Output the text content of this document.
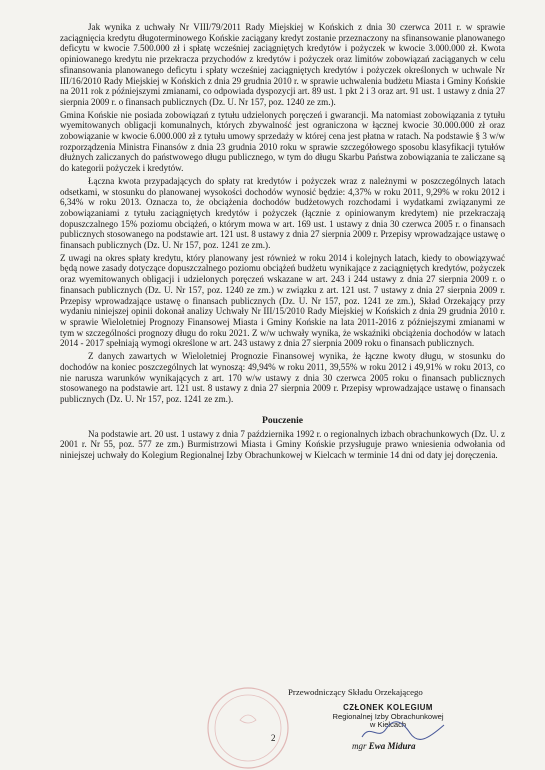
Jak wynika z uchwały Nr VIII/79/2011 Rady Miejskiej w Końskich z dnia 30 czerwca 2011 r. w sprawie zaciągnięcia kredytu długoterminowego Końskie zaciągany kredyt zostanie przeznaczony na sfinansowanie planowanego deficytu w kwocie 7.500.000 zł i spłatę wcześniej zaciągniętych kredytów i pożyczek w kwocie 3.000.000 zł. Kwota opiniowanego kredytu nie przekracza przychodów z kredytów i pożyczek oraz limitów zobowiązań zaciąganych w celu sfinansowania planowanego deficytu i spłaty wcześniej zaciągniętych kredytów i pożyczek określonych w uchwale Nr III/16/2010 Rady Miejskiej w Końskich z dnia 29 grudnia 2010 r. w sprawie uchwalenia budżetu Miasta i Gminy Końskie na 2011 rok z późniejszymi zmianami, co odpowiada dyspozycji art. 89 ust. 1 pkt 2 i 3 oraz art. 91 ust. 1 ustawy z dnia 27 sierpnia 2009 r. o finansach publicznych (Dz. U. Nr 157, poz. 1240 ze zm.).

Gmina Końskie nie posiada zobowiązań z tytułu udzielonych poręczeń i gwarancji. Ma natomiast zobowiązania z tytułu wyemitowanych obligacji komunalnych, których zbywalność jest ograniczona w łącznej kwocie 30.000.000 zł oraz zobowiązanie w kwocie 6.000.000 zł z tytułu umowy sprzedaży w której cena jest płatna w ratach. Na podstawie § 3 w/w rozporządzenia Ministra Finansów z dnia 23 grudnia 2010 roku w sprawie szczegółowego sposobu klasyfikacji tytułów dłużnych zaliczanych do państwowego długu publicznego, w tym do długu Skarbu Państwa zobowiązania te zaliczane są do kategorii pożyczek i kredytów.

Łączna kwota przypadających do spłaty rat kredytów i pożyczek wraz z należnymi w poszczególnych latach odsetkami, w stosunku do planowanej wysokości dochodów wynosić będzie: 4,37% w roku 2011, 9,29% w roku 2012 i 6,34% w roku 2013. Oznacza to, że obciążenia dochodów budżetowych rozchodami i wydatkami związanymi ze zobowiązaniami z tytułu zaciągniętych kredytów i pożyczek (łącznie z opiniowanym kredytem) nie przekraczają dopuszczalnego 15% poziomu obciążeń, o którym mowa w art. 169 ust. 1 ustawy z dnia 30 czerwca 2005 r. o finansach publicznych stosowanego na podstawie art. 121 ust. 8 ustawy z dnia 27 sierpnia 2009 r. Przepisy wprowadzające ustawę o finansach publicznych (Dz. U. Nr 157, poz. 1241 ze zm.).

Z uwagi na okres spłaty kredytu, który planowany jest również w roku 2014 i kolejnych latach, kiedy to obowiązywać będą nowe zasady dotyczące dopuszczalnego poziomu obciążeń budżetu wynikające z zaciągniętych kredytów, pożyczek oraz wyemitowanych obligacji i udzielonych poręczeń wskazane w art. 243 i 244 ustawy z dnia 27 sierpnia 2009 r. o finansach publicznych (Dz. U. Nr 157, poz. 1240 ze zm.) w związku z art. 121 ust. 7 ustawy z dnia 27 sierpnia 2009 r. Przepisy wprowadzające ustawę o finansach publicznych (Dz. U. Nr 157, poz. 1241 ze zm.), Skład Orzekający przy wydaniu niniejszej opinii dokonał analizy Uchwały Nr III/15/2010 Rady Miejskiej w Końskich z dnia 29 grudnia 2010 r. w sprawie Wieloletniej Prognozy Finansowej Miasta i Gminy Końskie na lata 2011-2016 z późniejszymi zmianami w tym w szczególności prognozy długu do roku 2021. Z w/w uchwały wynika, że wskaźniki obciążenia dochodów w latach 2014 - 2017 spełniają wymogi określone w art. 243 ustawy z dnia 27 sierpnia 2009 roku o finansach publicznych.

Z danych zawartych w Wieloletniej Prognozie Finansowej wynika, że łączne kwoty długu, w stosunku do dochodów na koniec poszczególnych lat wynoszą: 49,94% w roku 2011, 39,55% w roku 2012 i 49,91% w roku 2013, co nie narusza warunków wynikających z art. 170 w/w ustawy z dnia 30 czerwca 2005 roku o finansach publicznych stosowanego na podstawie art. 121 ust. 8 ustawy z dnia 27 sierpnia 2009 r. Przepisy wprowadzające ustawę o finansach publicznych (Dz. U. Nr 157, poz. 1241 ze zm.).

Pouczenie

Na podstawie art. 20 ust. 1 ustawy z dnia 7 października 1992 r. o regionalnych izbach obrachunkowych (Dz. U. z 2001 r. Nr 55, poz. 577 ze zm.) Burmistrzowi Miasta i Gminy Końskie przysługuje prawo wniesienia odwołania od niniejszej uchwały do Kolegium Regionalnej Izby Obrachunkowej w Kielcach w terminie 14 dni od daty jej doręczenia.

Przewodniczący Składu Orzekającego
CZŁONEK KOLEGIUM
Regionalnej Izby Obrachunkowej
w Kielcach
mgr Ewa Midura
2
